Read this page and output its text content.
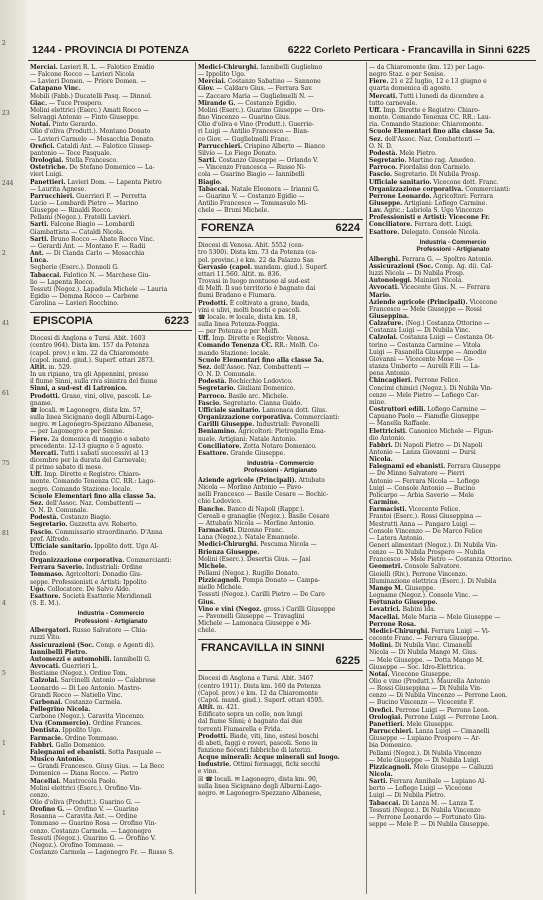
2
23
244
2
41
61
75
81
4
5
1
1
1244 - PROVINCIA DI POTENZA	6222 Corleto Perticara - Francavilla in Sinni 6225

Merciai. Lavieri R. L. — Falotico Emidio

— Falcone Rocco — Lavieri Nicola

— Lavieri Domen. — Priore Domen. —

Catapano Vinc.

Mobili (Fabb.) Ducatelli Pasq. — Dinnol.

Giac. — Tuce Prospero.

Molini elettrici (Eserc.) Amati Rocco —

Selvaggi Antonio — Finto Giuseppe.

Notai. Pinto Gerardo.

Olio d'oliva (Produtt.). Montano Donato

— Lavieri Carmelo — Mosacchia Donato.

Orefici. Cataldi Ant. — Falotico Giusep-

pantonio — Toce Pasquale.

Orologiai. Stella Francesco.

Ostetriche. De Stefano Domenico — La-

vieri Luigi.

Panettieri. Lavieri Dom. — Lapenta Pietro

— Laurita Agnese.

Parrucchieri. Guerrieri F. — Perretta

Lucio — Lombardi Pietro — Marino

Giuseppe — Rinaldi Rocco.

Pellami (Negoz.). Fratelli Lavieri.

Sarti. Falcone Biagio — Lombardi

Giambattista — Cataldi Nicola.

Sarti. Bruno Rocco — Abate Rocco Vinc.

— Gerardi Ant. — Montano F. — Radii

Ant. — Di Cianda Carlo — Mosacchia

Luca.

Segherie (Eserc.). Donnoli G.

Tabaccai. Falotico N. — Marchese Giu-

lio — Lapenta Rocco.

Tessuti (Negoz.). Lapadula Michele — Lauria

Egidio — Demma Rocco — Carbone

Carolina — Lavieri Rocchino.

EPISCOPIA	6223

Diocesi di Anglona e Tursi. Abit. 1603

(centro 964). Dista km. 157 da Potenza

(capol. prov.) e km. 22 da Chiaromonte

(capol. mand. giud.). Superf. ettari 2873.

Altit. m. 529.

In un ripiano, tra gli Appennini, presso

il fiume Sinni, sulla riva sinistra del fiume

Sinni, a sud-est di Latronico.

Prodotti. Grano, vini, olive, pascoli. Le-

gname.

☎ locali. ✉ Lagonegro, dista km. 57,

sulla linea Sicignano degli Alburni-Lago-

negro. ✉ Lagonegro-Spezzano Albanese,

— per Lagonegro e per Senise.

Fiere. 2a domenica di maggio e sabato

precedente. 12-13 giugno e 5 agosto.

Mercati. Tutti i sabati successivi al 13

dicembre per la durata del Carnevale;

il primo sabato di mese.

Uff. Imp. Dirette e Registro: Chiaro-

monte. Comando Tenenza CC. RR.: Lago-

negro. Comando Stazione: locale.

Scuole Elementari fino alla classe 5a.

Sez. dell'Assoc. Naz. Combattenti —

O. N. D. Comunale.

Podestà. Costanzo Biagio.

Segretario. Guzzetta avv. Roberto.

Fascio. Commissario straordinario. D'Anna

prof. Alfredo.

Ufficiale sanitario. Ippolito dott. Ugo Al-

fredo.

Organizzazione corporativa. Commercianti:

Ferrara Saverio. Industriali: Ordine

Tommaso. Agricoltori: Donadio Giu-

seppe. Professionisti e Artisti: Ippolito

Ugo. Collocatore. De Salvo Aldo.

Esattore. Società Esattorie Meridionali

(S. E. M.).

Industria - Commercio
Professioni - Artigianato

Albergatori. Russo Salvatore — Chia-

ruzzi Vito.

Assicurazioni (Soc. Comp. e Agenti di).

Iannibelli Pietro.

Automezzi e automobili. Iannibelli G.

Avvocati. Guerrieri L.

Bestiame (Negoz.). Ordine Tom.

Calzolai. Sarcinelli Antonio — Calabrese

Leonardo — Di Leo Antonio. Mastro-

Grandi Rocco — Natiello Vinc.

Carbonai. Costanzo Carmela.

Pellegrino Nicola.

Carbone (Negoz.). Caravita Vincenzo.

Uva (Commercio). Ordine Frances.

Dentista. Ippolito Ugo.

Farmacie. Ordine Tommaso.

Fabbri. Gallo Domenico.

Falegnami ed ebanisti. Sotta Pasquale —

Musico Antonio.

— Grandi Francesco. Giusy Gius. — La Becc

Domenico — Diana Rocco. — Pietro

Macellai. Mastrocola Paolo.

Molini elettrici (Eserc.). Orofino Vin-

cenzo.

Olio d'oliva (Produtt.). Guarino G. —

Orofino G. — Orofino V. — Guarino

Rosanna — Caravita Ant. — Ordine

Tommaso — Guarino Rosa — Orofino Vin-

cenzo. Costanzo Carmela. — Lagonegro

Tessuti (Negoz.). Guarino G. — Orofino V.

(Negoz.). Orofino Tommaso. —

Costanzo Carmela — Lagonegro Fr. — Russo S.

Medici-Chirurghi. Iannibelli Guglielmo

— Ippolito Ugo.

Merciai. Costanzo Sabatino — Sannone

Giov. — Caldaro Gius. — Ferrara Sav.

— Zaccaro Maria — Guglielmelli N. —

Mirande G. — Costanzo Egidio.

Molini (Eserc.). Guarino Giuseppe — Oro-

fino Vincenzo — Guarino Gius.

Olio d'oliva e Vino (Produtt.). Guerrie-

ri Luigi — Antilio Francesco — Bian-

co Giov. — Guglielmelli Franc.

Parrucchieri. Crispino Alberto — Bianco

Silvio — Lo Fiego Donato.

Sarti. Costanzo Giuseppe — Orlando V.

— Vincenzo Francesca — Russo Ni-

cola — Guarino Biagio — Iannibelli

Biagio.

Tabaccai. Natale Eleonora — Irianni G.

— Guarino V. — Costanzo Egidio —

Antilio Francesco — Tommasulo Mi-

chele — Bruni Michele.

FORENZA	6224

Diocesi di Venosa. Abit. 5552 (cen-

tro 5300). Dista km. 73 da Potenza (ca-

pol. provinc.) e km. 22 da Palazzo San

Gervasio (capol. mandam. giud.). Superf.

ettari 11.560. Altit. m. 836.

Trovasi in luogo montuoso al sud-est

di Melfi. Il suo territorio è bagnato dai

fiumi Bradano e Fiumara.

Prodotti. È coltivato a grano, biada,

vini e ulivi, molti boschi e pascoli.

☎ locale. ✉ locale, dista km. 18,

sulla linea Potenza-Foggia.

— per Potenza e per Melfi.

Uff. Imp. Dirette e Registro: Venosa.

Comando Tenenza CC. RR.: Melfi. Co-

mando Stazione: locale.

Scuole Elementari fino alla classe 5a.

Sez. dell'Assoc. Naz. Combattenti —

O. N. D. Comunale.

Podestà. Bochicchio Lodovico.

Segretario. Giuliani Domenico.

Parroco. Basile arc. Michele.

Fascio. Segretario. Cianna Guido.

Ufficiale sanitario. Lamonaca dott. Gius.

Organizzazione corporativa. Commercianti:

Carilli Giuseppe. Industriali: Pavonelli

Beniamino. Agricoltori: Pietrogalla Ema-

nuele. Artigiani: Natale Antonio.

Conciliatore. Zotta Notaro Domenico.

Esattore. Grande Giuseppe.

Industria - Commercio
Professioni - Artigianato

Aziende agricole (Principali). Attubato

Nicola — Morlino Antonio — Pavo-

nelli Francesco — Basile Cesare — Bochic-

chio Lodovico.

Banche. Banco di Napoli (Rappr.).

Cereali e granaglie (Negoz.). Basile Cesare

— Attubato Nicola — Morlino Antonio.

Farmacisti. Dizonno Franc.

Lana (Negoz.). Natale Emanuele.

Medici-Chirurghi. Pescuma Nicola —

Brienza Giuseppe.

Molini (Eserc.). Desertis Gius. — Jasi

Michele.

Pellami (Negoz.). Rugillo Donato.

Pizzicagnoli. Pompa Donato — Campa-

niello Michele.

Tessuti (Negoz.). Carilli Pietro — De Caro

Gius.

Vino e vini (Negoz. gross.) Carilli Giuseppe

— Pavonelli Giuseppe — Travaglini

Michele — Lamonaca Giuseppe e Mi-

chele.

FRANCAVILLA IN SINNI
6225

Diocesi di Anglona e Tursi. Abit. 3467

(centro 1911). Dista km. 160 da Potenza

(Capol. prov.) e km. 12 da Chiaromonte

(Capol. mand. giud.). Superf. ettari 4595.

Altit. m. 421.

Edificato sopra un colle, non lungi

dal fiume Sinni; è bagnato dai due

torrenti Fiumarella e Frida.

Prodotti. Biade, viti, lino, estesi boschi

di abeti, faggi e roveri, pascoli. Sono in

funzione fiorenti fabbriche di laterizi.

Acque minerali: Acque minerali sul luogo.

Industrie. Ottimi formaggi, fichi secchi

e vino.

☒ ☎ locali. ✉ Lagonegro, dista km. 90,

sulla linea Sicignano degli Alburni-Lago-

negro. ✉ Lagonegro-Spezzano Albanese,

— da Chiaromonte (km. 12) per Lago-

negro Staz. e per Senise.

Fiere. 21 e 22 luglio, 12 e 13 giugno e

quarta domenica di agosto.

Mercati. Tutti i lunedì da dicembre a

tutto carnevale.

Uff. Imp. Dirette e Registro: Chiaro-

monte. Comando Tenenza CC. RR.: Lau-

ria. Comando Stazione: Chiaromonte.

Scuole Elementari fino alla classe 5a.

Sez. dell'Assoc. Naz. Combattenti —

O. N. D.

Podestà. Mele Pietro.

Segretario. Martino rag. Amedeo.

Parroco. Fiordalisi don Carmelo.

Fascio. Segretario. Di Nubila Prosp.

Ufficiale sanitario. Vicecone dott. Franc.

Organizzazione corporativa. Commercianti:

Perrone Leonardo. Agricoltori: Ferrara

Giuseppe. Artigiani: Lofiego Carmine.

Lav. Agric.: Labriola S. Ugo Vincenzo

Professionisti e Artisti: Vicecone Fr.

Conciliatore. Ferrara dott. Luigi.

Esattore. Delegato. Console Nicola.

Industria - Commercio
Professioni - Artigianato

Alberghi. Ferrara G. — Spoltro Antonio.

Assicurazioni (Soc. Comp. Ag. di). Cal-

luzzi Nicola — Di Nubila Prosp.

Autonoleggi. Mainieri Nicola.

Avvocati. Vicecente Gius. N. — Ferrara

Mario.

Aziende agricole (Principali). Vicecone

Francesco — Mele Giuseppe — Rossi

Giuseppina.

Calzature. (Neg.) Costanza Ottorino —

Costanza Luigi — Di Nubila Vinc.

Calzolai. Costanza Luigi — Costanza Ot-

torino — Costanza Carmine — Vitola

Luigi — Fasanella Giuseppe — Amodio

Giovanni — Vicecente Mose — Co-

stanza Umberto — Aurelli F.lli — La-

pena Antonio.

Chincaglieri. Perrone Felice.

Concimi chimici (Negoz.). Di Nubila Vin-

cenzo — Mele Pietro — Lofiego Car-

mine.

Costruttori edili. Lofiego Carmine —

Capuano Paolo — Fiamdle Giuseppe

— Manella Raffaele.

Elettricisti. Canonico Michele — Figun-

dio Antonio.

Fabbri. Di Napoli Pietro — Di Napoli

Antonio — Lanza Giovanni — Dursi

Nicola.

Falegnami ed ebanisti. Ferrara Giuseppe

— De Minno Salvatore — Pierri

Antonio — Ferrara Nicola — Lofiego

Luigi — Console Antonio — Bucino

Policarpo — Arbia Saverio — Mele

Carmine.

Farmacisti. Vicecente Felice.

Frantoi (Eserc.). Rossi Giuseppina —

Mestrutti Anna — Pangaro Luigi —

Console Vincenzo — De Marco Felice

— Latera Antonio.

Generi alimentari (Negoz.). Di Nubila Vin-

cenzo — Di Nubila Prospero — Nubila

Francesco — Mele Pietro — Costanza Ottorino.

Geometri. Console Salvatore.

Gioielli (Riv.). Perrone Vincenzo.

Illuminazione elettrica (Eserc.). Di Nubila

Mango M. Giuseppe.

Legname (Negoz.). Console Vinc. —

Fortunato Giuseppe.

Levatrici. Babini Ida.

Macellai. Mele Maria — Mele Giuseppe —

Perrone Rosa.

Medici-Chirurghi. Ferrara Luigi — Vi-

cecente Franc. — Ferrara Giuseppe.

Molini. Di Nubila Vinc. Cimanelli

Nicola — Di Nubila Mango M. Gius.

— Mele Giuseppe. — Dotta Mango M.

Giuseppe — Soc. Idro-Elettrica.

Notai. Vicecone Giuseppe.

Olio e vino (Produtt.). Maurella Antonio

— Rossi Giuseppina — Di Nubila Vin-

cenzo — Di Nubila Vincenzo — Perrone Leon.

— Bucino Vincenzo — Vicecente F.

Orefici. Perrone Luigi — Perrone Leon.

Orologiai. Perrone Luigi — Perrone Leon.

Panettieri. Mele Giuseppe.

Parrucchieri. Lanza Luigi — Cimanelli

Giuseppe — Lupiano Prospero — Ar-

bia Domenico.

Pellami (Negoz.). Di Nubila Vincenzo

— Mele Giuseppe — Di Nubila Luigi.

Pizzicagnoli. Mele Giuseppe — Calluzzi

Nicola.

Sarti. Ferrara Annibale — Lupiano Al-

berto — Lofiego Luigi — Vicecone

Luigi — Di Nubila Pietro.

Tabaccai. Di Lanza M. — Lanza T.

Tessuti (Negoz.). Di Nubila Vincenzo

— Perrone Leonardo — Fortunato Giu-

seppe — Mele P. — Di Nubila Giuseppe.
